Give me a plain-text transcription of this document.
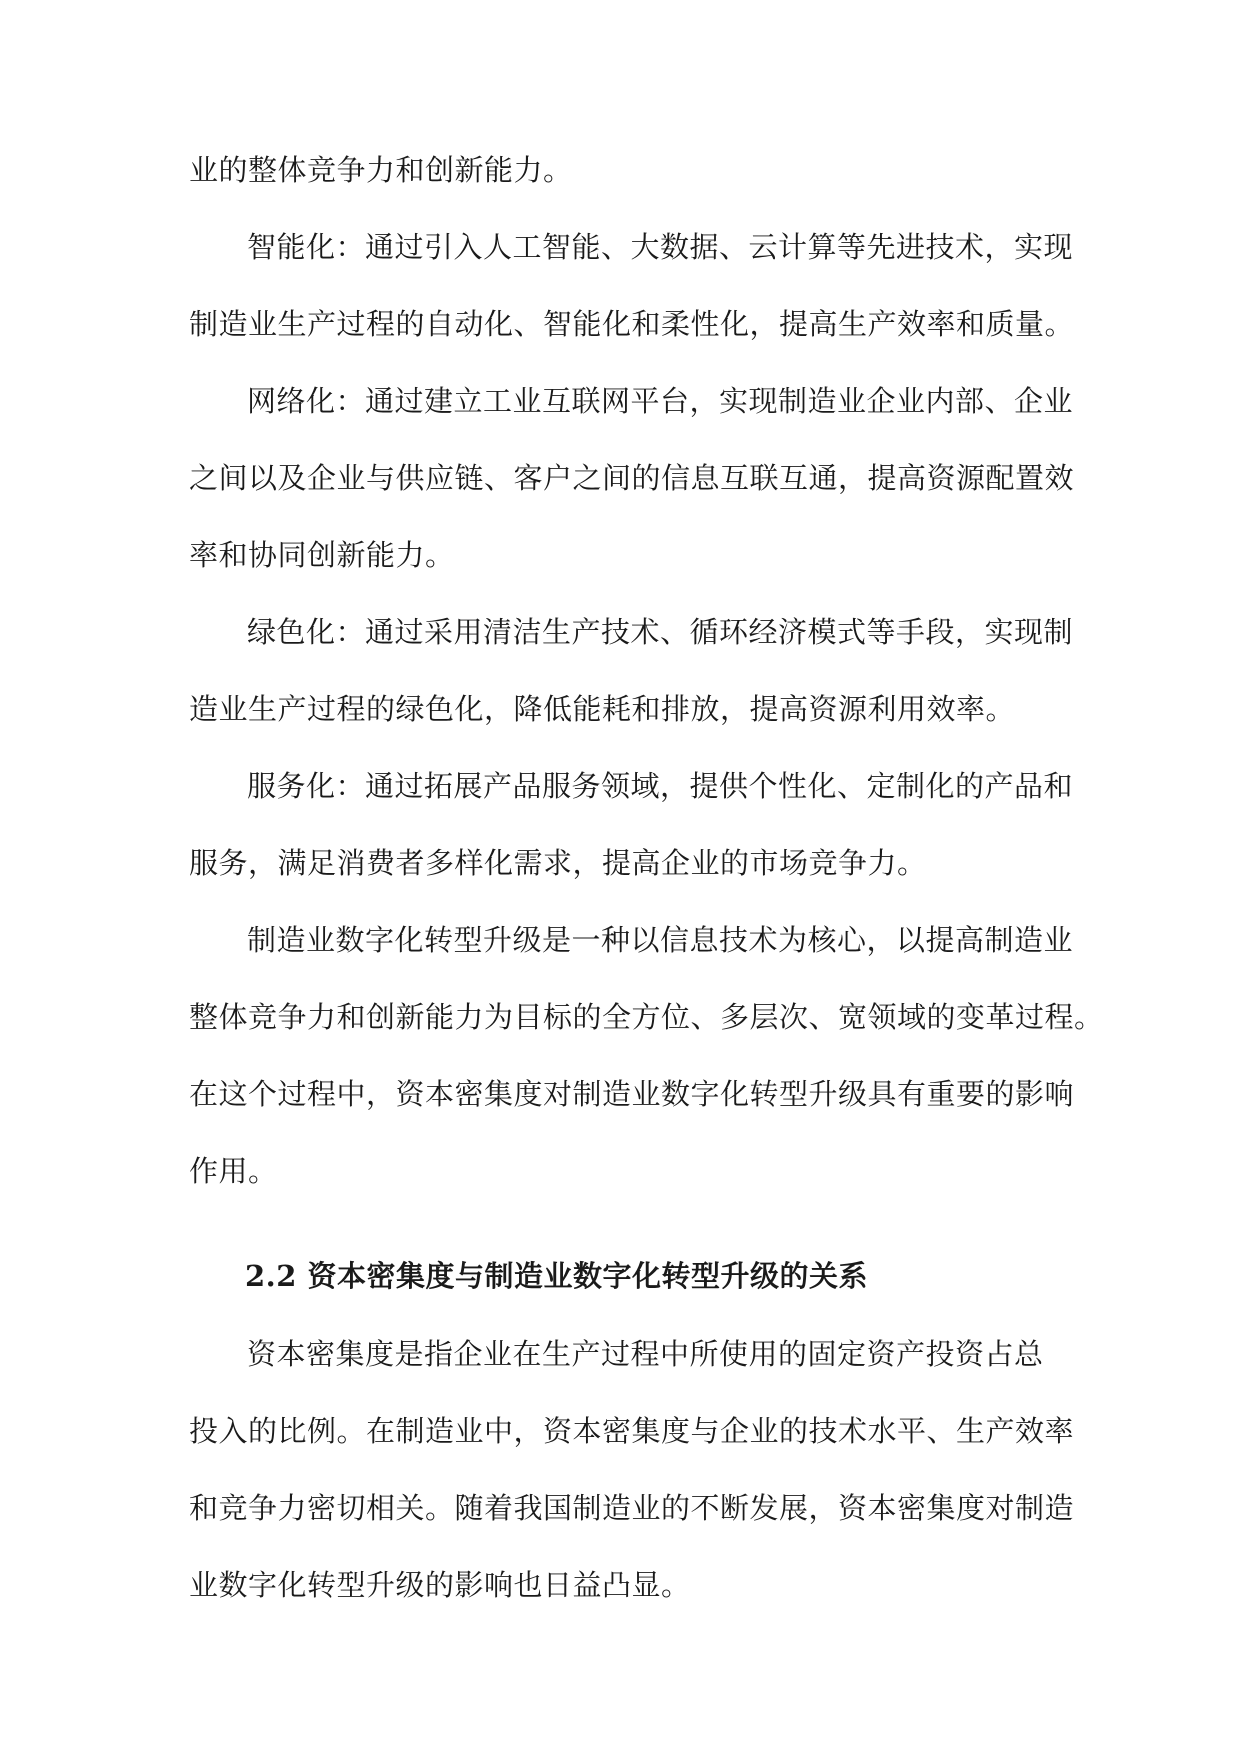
业的整体竞争力和创新能力。
智能化：通过引入人工智能、大数据、云计算等先进技术，实现
制造业生产过程的自动化、智能化和柔性化，提高生产效率和质量。
网络化：通过建立工业互联网平台，实现制造业企业内部、企业
之间以及企业与供应链、客户之间的信息互联互通，提高资源配置效
率和协同创新能力。
绿色化：通过采用清洁生产技术、循环经济模式等手段，实现制
造业生产过程的绿色化，降低能耗和排放，提高资源利用效率。
服务化：通过拓展产品服务领域，提供个性化、定制化的产品和
服务，满足消费者多样化需求，提高企业的市场竞争力。
制造业数字化转型升级是一种以信息技术为核心，以提高制造业
整体竞争力和创新能力为目标的全方位、多层次、宽领域的变革过程。
在这个过程中，资本密集度对制造业数字化转型升级具有重要的影响
作用。
2.2 资本密集度与制造业数字化转型升级的关系
资本密集度是指企业在生产过程中所使用的固定资产投资占总
投入的比例。在制造业中，资本密集度与企业的技术水平、生产效率
和竞争力密切相关。随着我国制造业的不断发展，资本密集度对制造
业数字化转型升级的影响也日益凸显。
